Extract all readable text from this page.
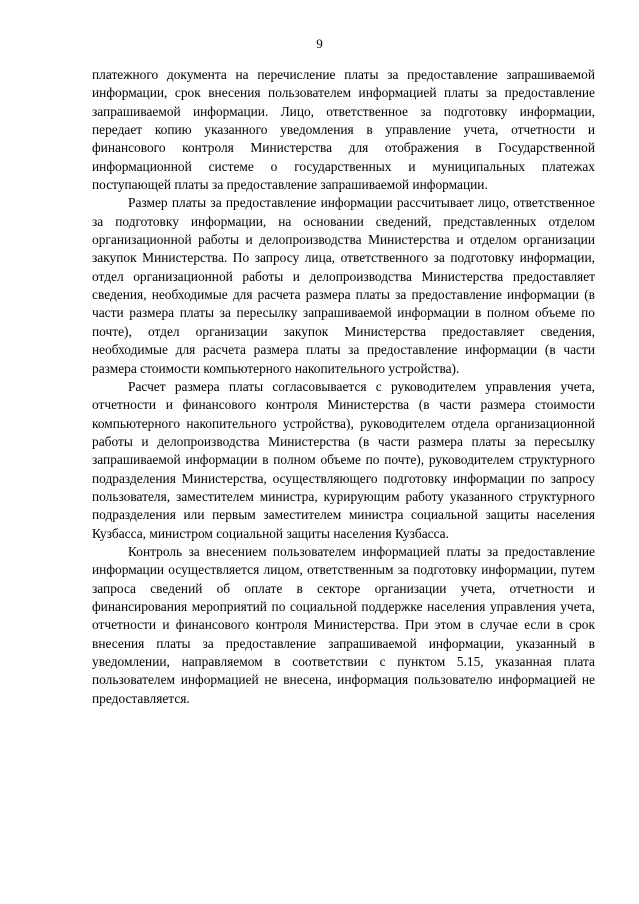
9

платежного документа на перечисление платы за предоставление запрашиваемой информации, срок внесения пользователем информацией платы за предоставление запрашиваемой информации. Лицо, ответственное за подготовку информации, передает копию указанного уведомления в управление учета, отчетности и финансового контроля Министерства для отображения в Государственной информационной системе о государственных и муниципальных платежах поступающей платы за предоставление запрашиваемой информации.

Размер платы за предоставление информации рассчитывает лицо, ответственное за подготовку информации, на основании сведений, представленных отделом организационной работы и делопроизводства Министерства и отделом организации закупок Министерства. По запросу лица, ответственного за подготовку информации, отдел организационной работы и делопроизводства Министерства предоставляет сведения, необходимые для расчета размера платы за предоставление информации (в части размера платы за пересылку запрашиваемой информации в полном объеме по почте), отдел организации закупок Министерства предоставляет сведения, необходимые для расчета размера платы за предоставление информации (в части размера стоимости компьютерного накопительного устройства).

Расчет размера платы согласовывается с руководителем управления учета, отчетности и финансового контроля Министерства (в части размера стоимости компьютерного накопительного устройства), руководителем отдела организационной работы и делопроизводства Министерства (в части размера платы за пересылку запрашиваемой информации в полном объеме по почте), руководителем структурного подразделения Министерства, осуществляющего подготовку информации по запросу пользователя, заместителем министра, курирующим работу указанного структурного подразделения или первым заместителем министра социальной защиты населения Кузбасса, министром социальной защиты населения Кузбасса.

Контроль за внесением пользователем информацией платы за предоставление информации осуществляется лицом, ответственным за подготовку информации, путем запроса сведений об оплате в секторе организации учета, отчетности и финансирования мероприятий по социальной поддержке населения управления учета, отчетности и финансового контроля Министерства. При этом в случае если в срок внесения платы за предоставление запрашиваемой информации, указанный в уведомлении, направляемом в соответствии с пунктом 5.15, указанная плата пользователем информацией не внесена, информация пользователю информацией не предоставляется.
